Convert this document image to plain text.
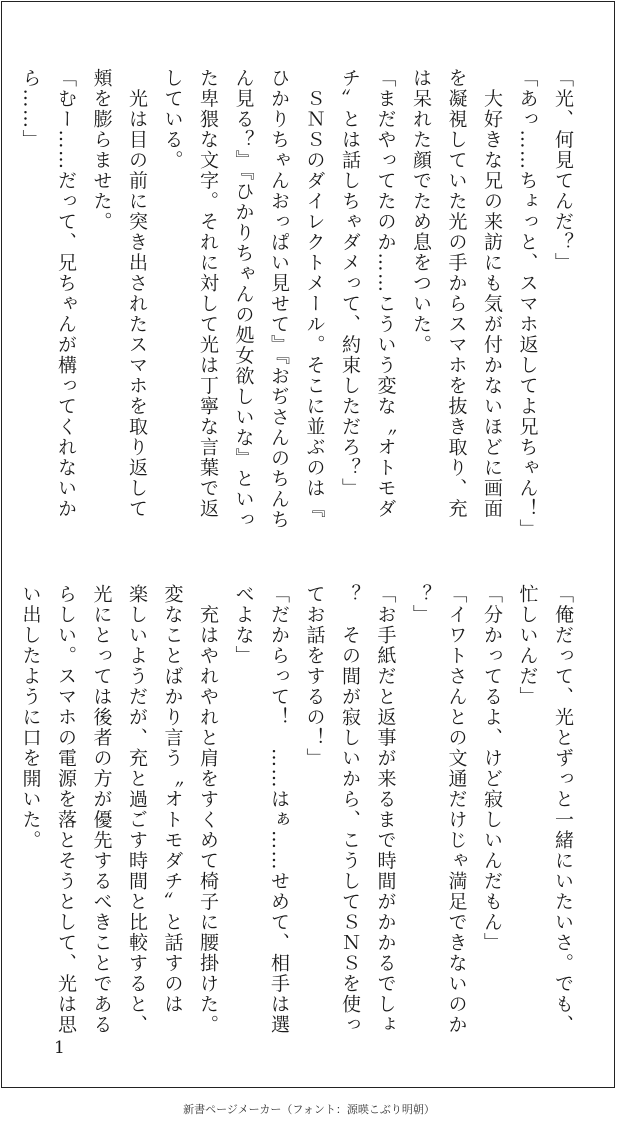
「光、何見てんだ？」
「あっ……ちょっと、スマホ返してよ兄ちゃん！」
　大好きな兄の来訪にも気が付かないほどに画面
を凝視していた光の手からスマホを抜き取り、充
は呆れた顔でため息をついた。
「まだやってたのか……こういう変な〝オトモダ
チ〟とは話しちゃダメって、約束しただろ？」
　ＳＮＳのダイレクトメール。そこに並ぶのは『
ひかりちゃんおっぱい見せて』『おぢさんのちんち
ん見る？』『ひかりちゃんの処女欲しいな』といっ
た卑猥な文字。それに対して光は丁寧な言葉で返
している。
　光は目の前に突き出されたスマホを取り返して
頬を膨らませた。
「むー……だって、兄ちゃんが構ってくれないか
ら……」
「俺だって、光とずっと一緒にいたいさ。でも、
忙しいんだ」
「分かってるよ、けど寂しいんだもん」
「イワトさんとの文通だけじゃ満足できないのか
？」
「お手紙だと返事が来るまで時間がかかるでしょ
？　その間が寂しいから、こうしてＳＮＳを使っ
てお話をするの！」
「だからって！　……はぁ……せめて、相手は選
べよな」
　充はやれやれと肩をすくめて椅子に腰掛けた。
変なことばかり言う〝オトモダチ〟と話すのは
楽しいようだが、充と過ごす時間と比較すると、
光にとっては後者の方が優先するべきことである
らしい。スマホの電源を落とそうとして、光は思
い出したように口を開いた。
1
新書ページメーカー（フォント：源暎こぶり明朝）
